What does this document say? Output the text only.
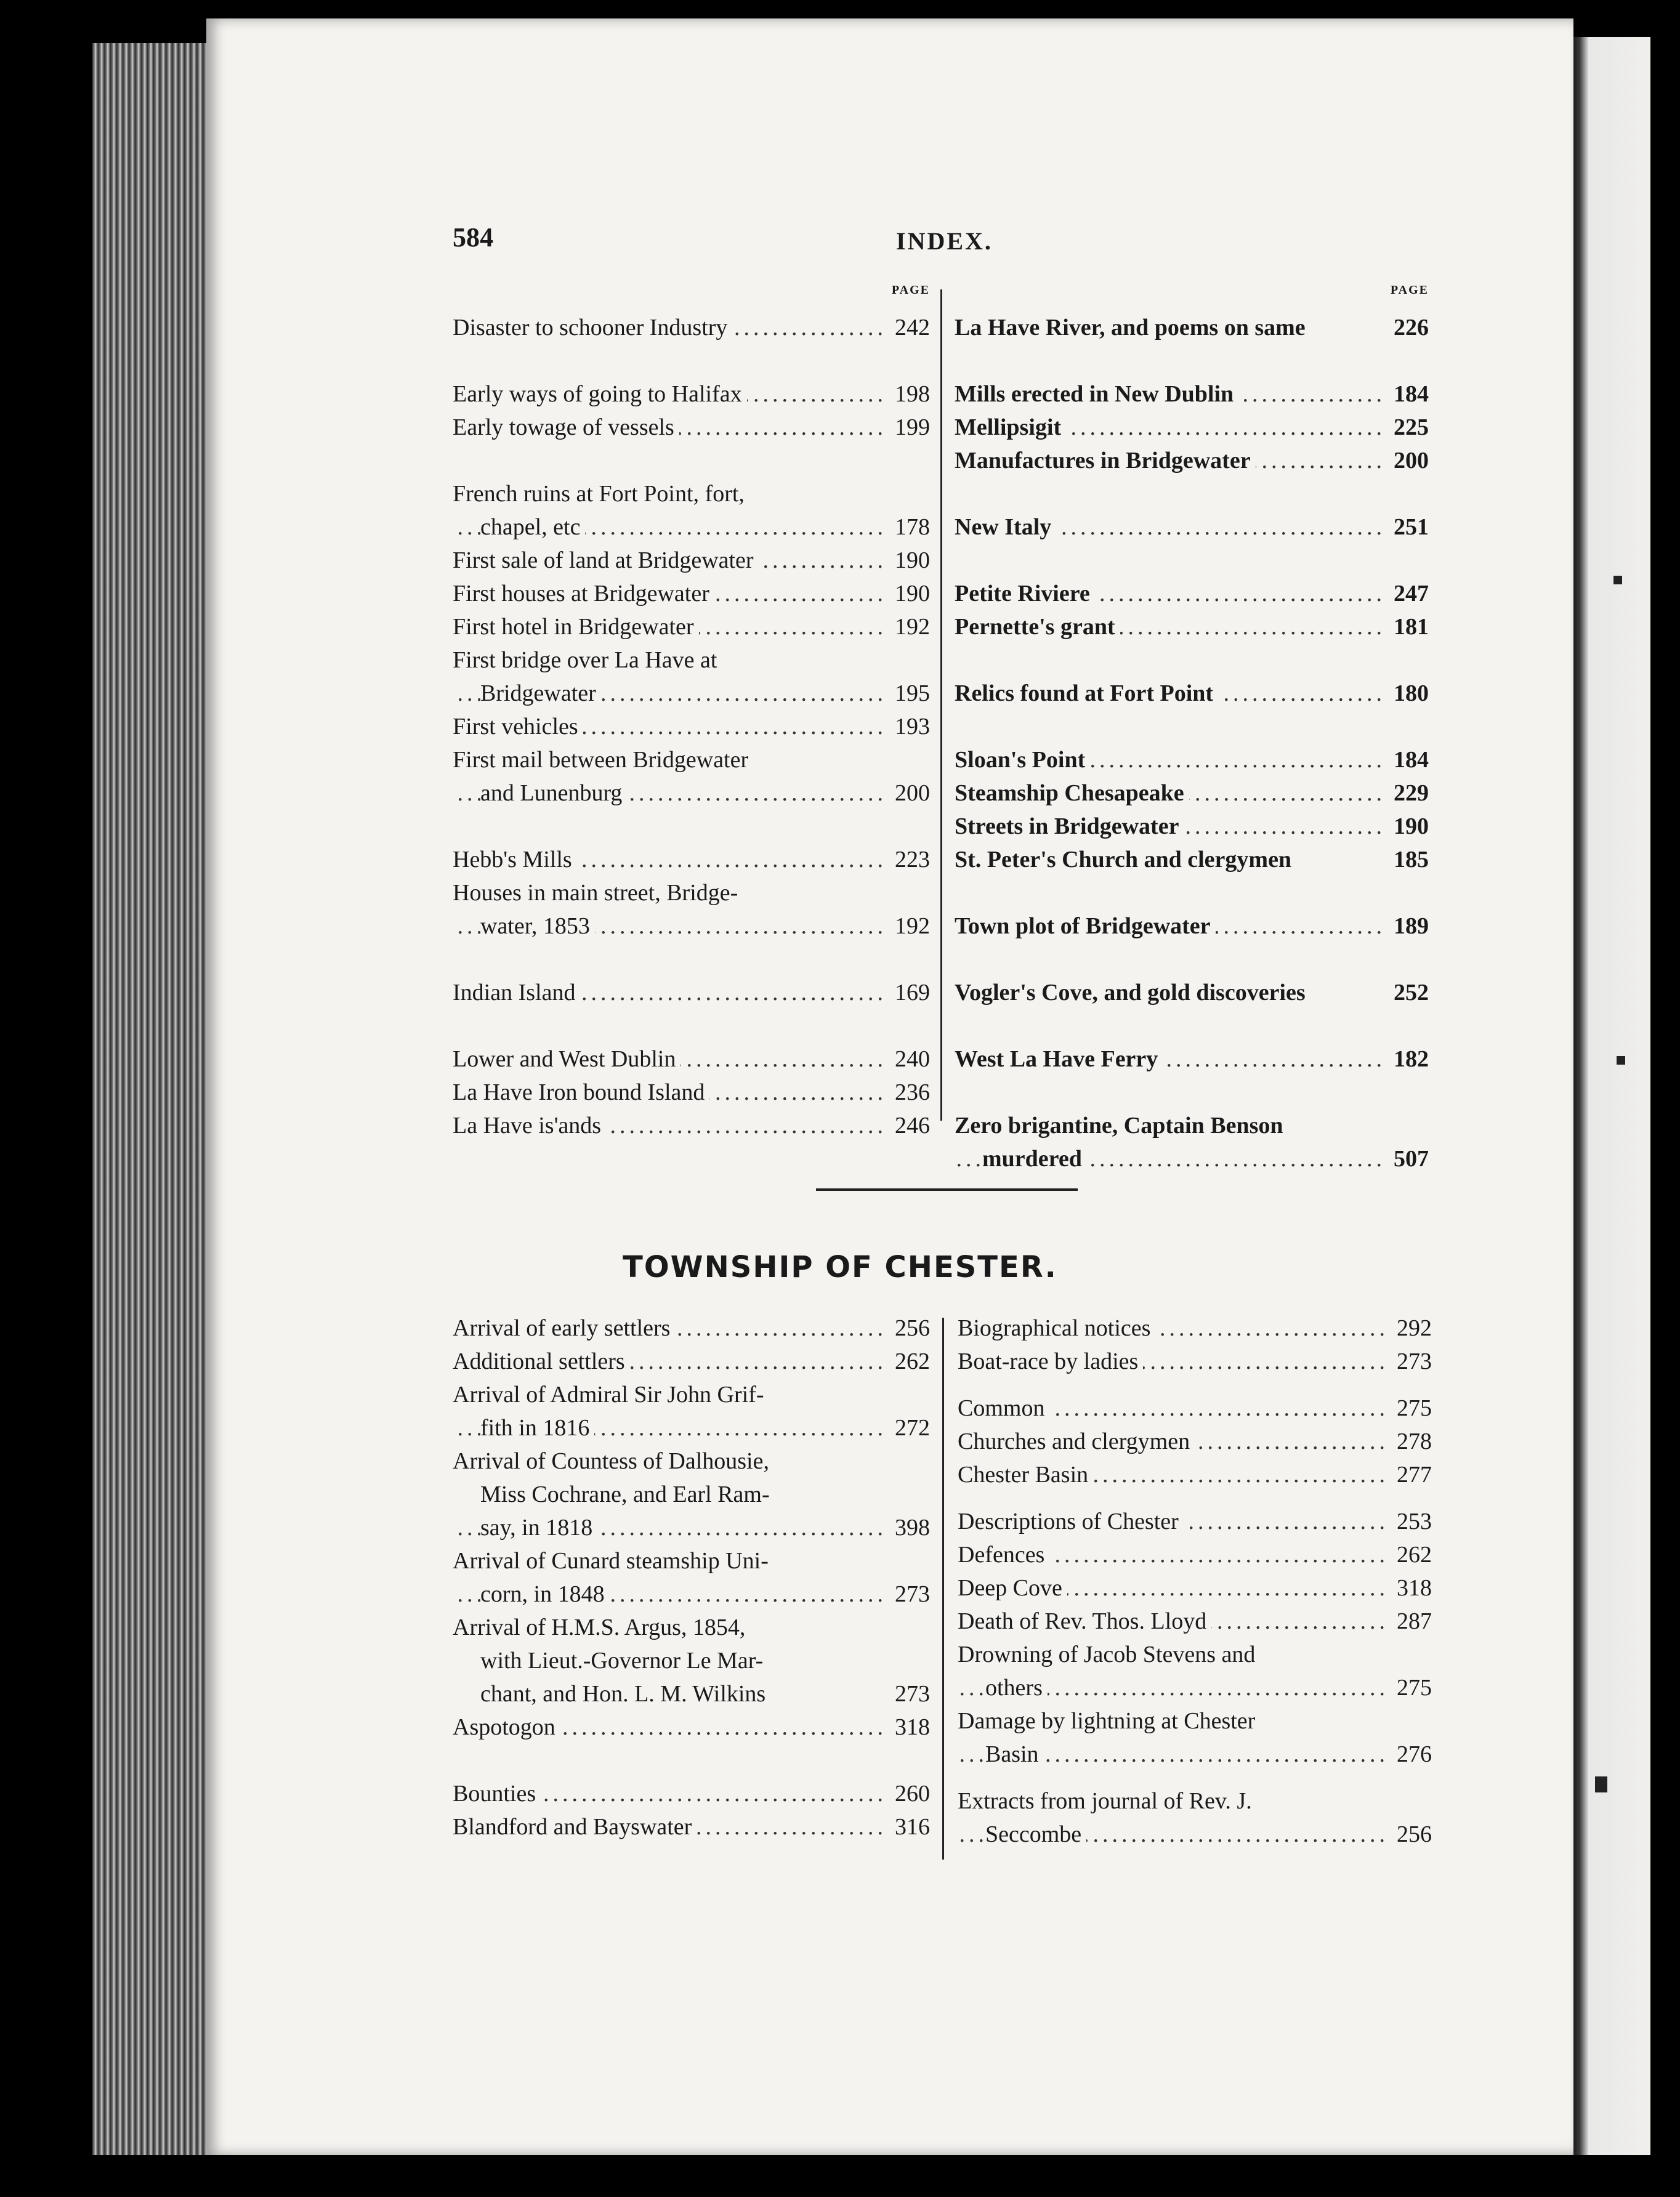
584	INDEX.
PAGE
.....
Disaster to schooner Industry	242
.....
Early ways of going to Halifax	198
.....
Early towage of vessels	199
French ruins at Fort Point, fort,
.....
chapel, etc	178
.....
First sale of land at Bridgewater	190
.....
First houses at Bridgewater	190
.....
First hotel in Bridgewater	192
First bridge over La Have at
.....
Bridgewater	195
.....
First vehicles	193
First mail between Bridgewater
.....
and Lunenburg	200
.....
Hebb's Mills	223
Houses in main street, Bridge-
.....
water, 1853	192
.....
Indian Island	169
.....
Lower and West Dublin	240
.....
La Have Iron bound Island	236
.....
La Have is'ands	246
PAGE
La Have River, and poems on same	226
.....
Mills erected in New Dublin	184
.....
Mellipsigit	225
.....
Manufactures in Bridgewater	200
.....
New Italy	251
.....
Petite Riviere	247
.....
Pernette's grant	181
.....
Relics found at Fort Point	180
.....
Sloan's Point	184
.....
Steamship Chesapeake	229
.....
Streets in Bridgewater	190
St. Peter's Church and clergymen	185
.....
Town plot of Bridgewater	189
Vogler's Cove, and gold discoveries	252
.....
West La Have Ferry	182
Zero brigantine, Captain Benson
.....
murdered	507
TOWNSHIP OF CHESTER.
.....
Arrival of early settlers	256
.....
Additional settlers	262
Arrival of Admiral Sir John Grif-
.....
fith in 1816	272
Arrival of Countess of Dalhousie,
Miss Cochrane, and Earl Ram-
.....
say, in 1818	398
Arrival of Cunard steamship Uni-
.....
corn, in 1848	273
Arrival of H.M.S. Argus, 1854,
with Lieut.-Governor Le Mar-
chant, and Hon. L. M. Wilkins	273
.....
Aspotogon	318
.....
Bounties	260
.....
Blandford and Bayswater	316
.....
Biographical notices	292
.....
Boat-race by ladies	273
.....
Common	275
.....
Churches and clergymen	278
.....
Chester Basin	277
.....
Descriptions of Chester	253
.....
Defences	262
.....
Deep Cove	318
.....
Death of Rev. Thos. Lloyd	287
Drowning of Jacob Stevens and
.....
others	275
Damage by lightning at Chester
.....
Basin	276
Extracts from journal of Rev. J.
.....
Seccombe	256
